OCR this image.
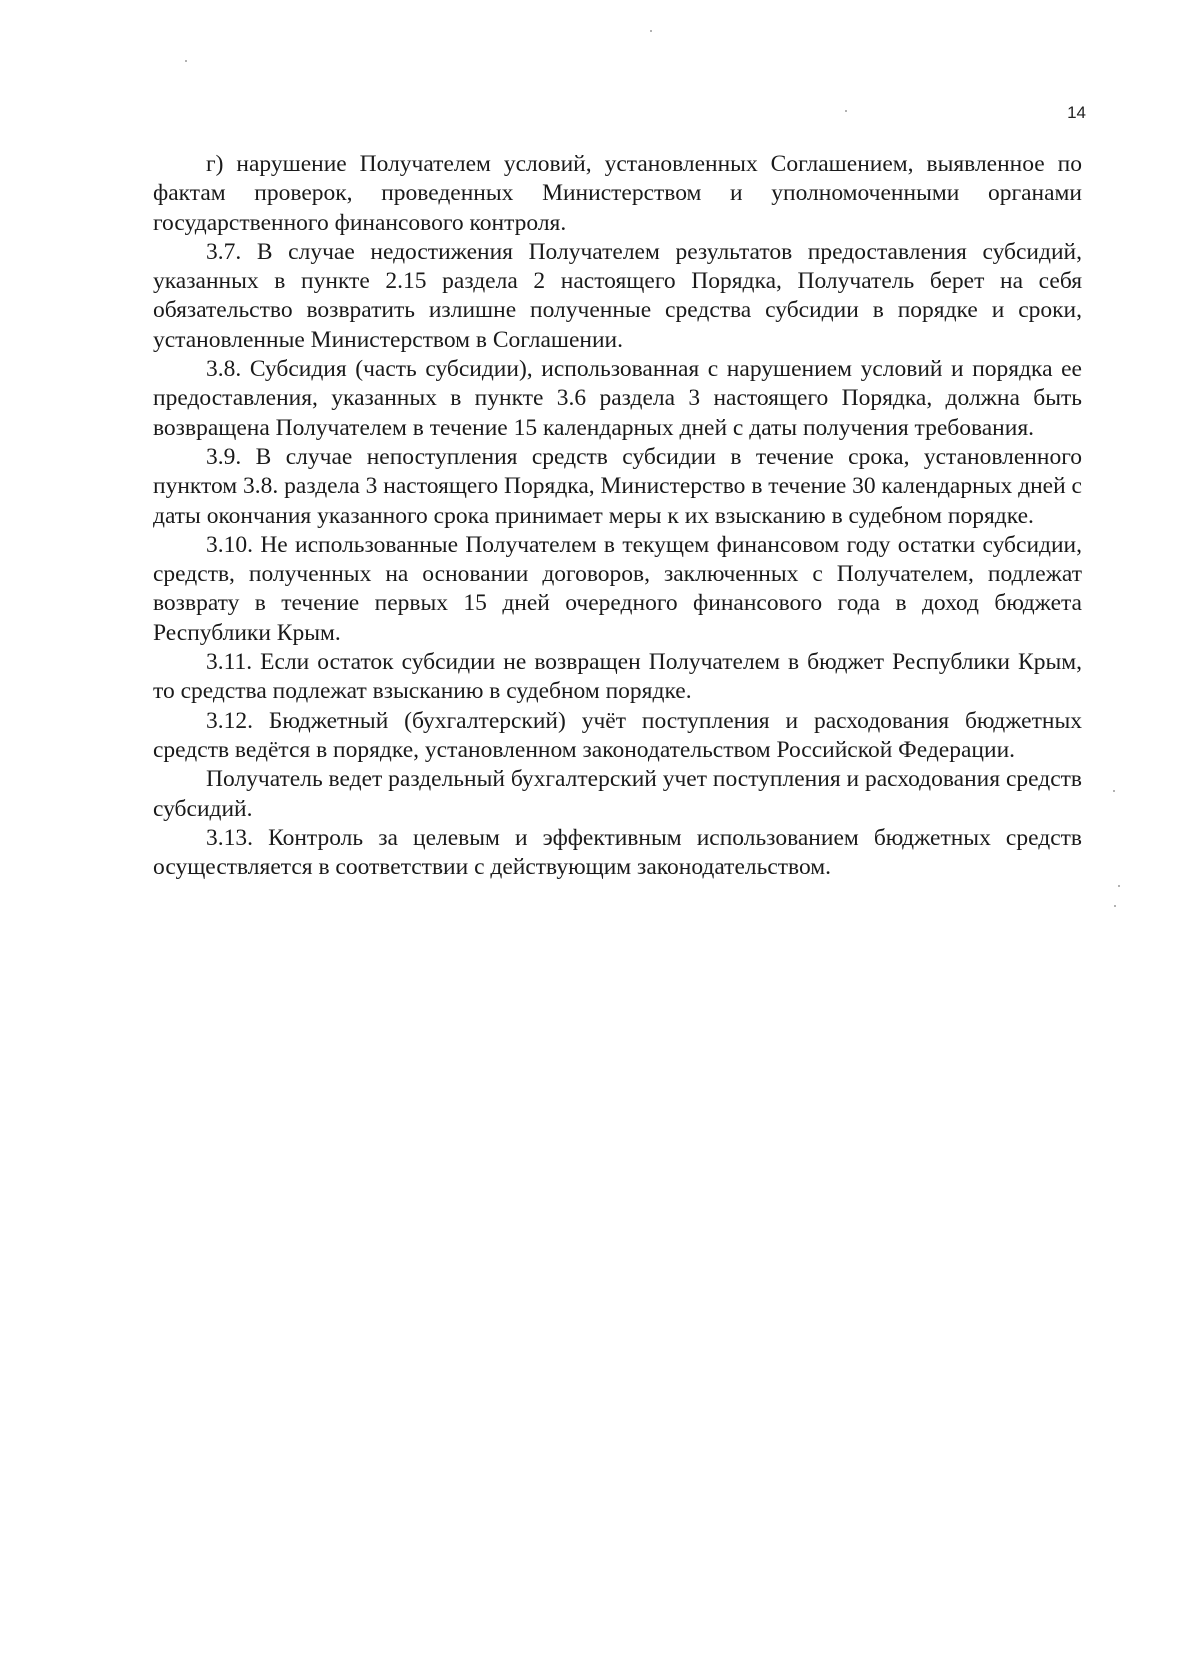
14

г) нарушение Получателем условий, установленных Соглашением, выявленное по фактам проверок, проведенных Министерством и уполномоченными органами государственного финансового контроля.

3.7. В случае недостижения Получателем результатов предоставления субсидий, указанных в пункте 2.15 раздела 2 настоящего Порядка, Получатель берет на себя обязательство возвратить излишне полученные средства субсидии в порядке и сроки, установленные Министерством в Соглашении.

3.8. Субсидия (часть субсидии), использованная с нарушением условий и порядка ее предоставления, указанных в пункте 3.6 раздела 3 настоящего Порядка, должна быть возвращена Получателем в течение 15 календарных дней с даты получения требования.

3.9. В случае непоступления средств субсидии в течение срока, установленного пунктом 3.8. раздела 3 настоящего Порядка, Министерство в течение 30 календарных дней с даты окончания указанного срока принимает меры к их взысканию в судебном порядке.

3.10. Не использованные Получателем в текущем финансовом году остатки субсидии, средств, полученных на основании договоров, заключенных с Получателем, подлежат возврату в течение первых 15 дней очередного финансового года в доход бюджета Республики Крым.

3.11. Если остаток субсидии не возвращен Получателем в бюджет Республики Крым, то средства подлежат взысканию в судебном порядке.

3.12. Бюджетный (бухгалтерский) учёт поступления и расходования бюджетных средств ведётся в порядке, установленном законодательством Российской Федерации.

Получатель ведет раздельный бухгалтерский учет поступления и расходования средств субсидий.

3.13. Контроль за целевым и эффективным использованием бюджетных средств осуществляется в соответствии с действующим законодательством.
